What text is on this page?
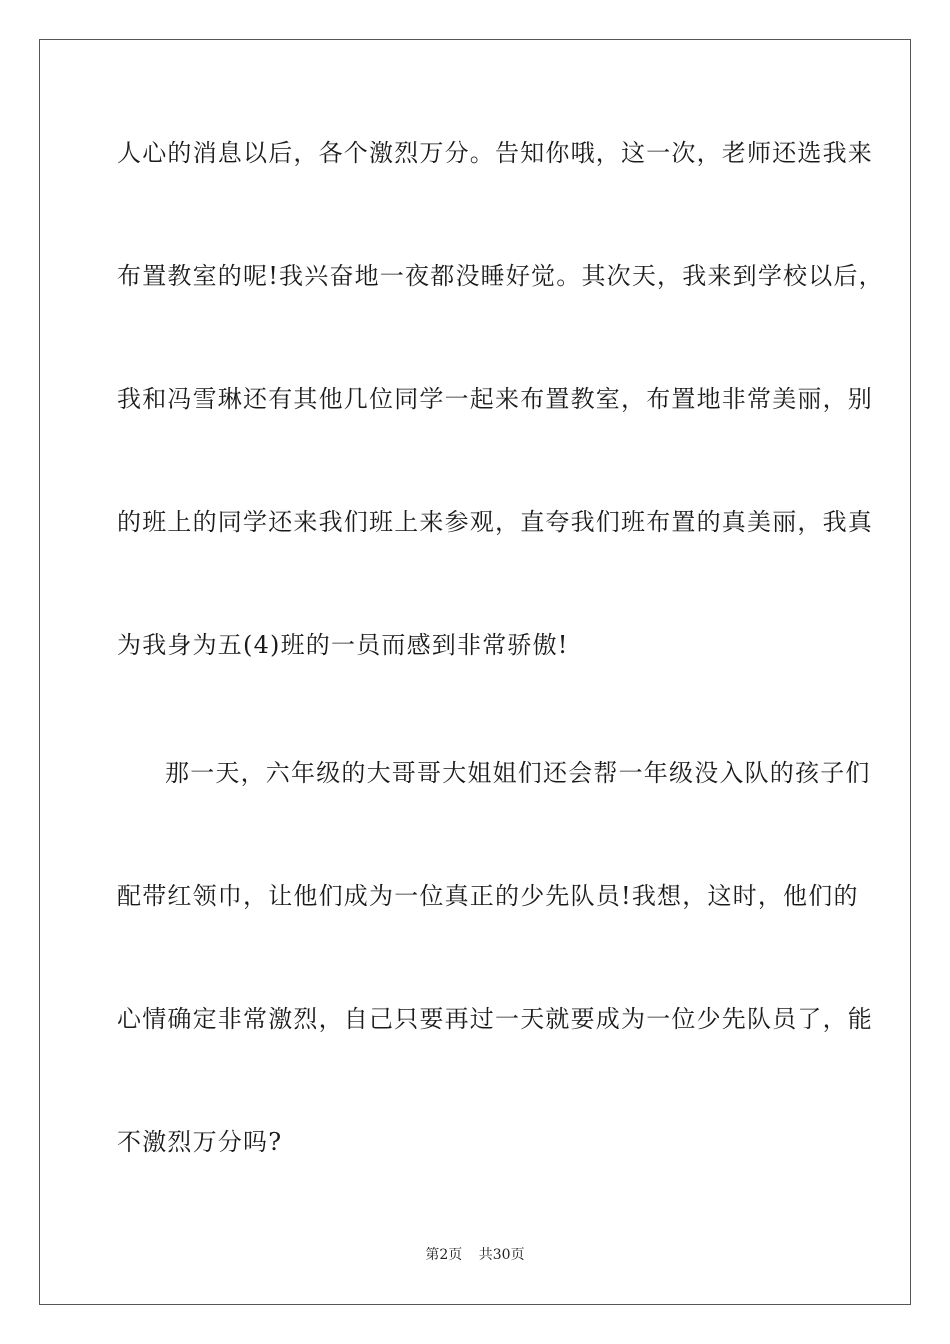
人心的消息以后，各个激烈万分。告知你哦，这一次，老师还选我来
布置教室的呢!我兴奋地一夜都没睡好觉。其次天，我来到学校以后，
我和冯雪琳还有其他几位同学一起来布置教室，布置地非常美丽，别
的班上的同学还来我们班上来参观，直夸我们班布置的真美丽，我真
为我身为五(4)班的一员而感到非常骄傲!
那一天，六年级的大哥哥大姐姐们还会帮一年级没入队的孩子们
配带红领巾，让他们成为一位真正的少先队员!我想，这时，他们的
心情确定非常激烈，自己只要再过一天就要成为一位少先队员了，能
不激烈万分吗?
第2页 共30页
